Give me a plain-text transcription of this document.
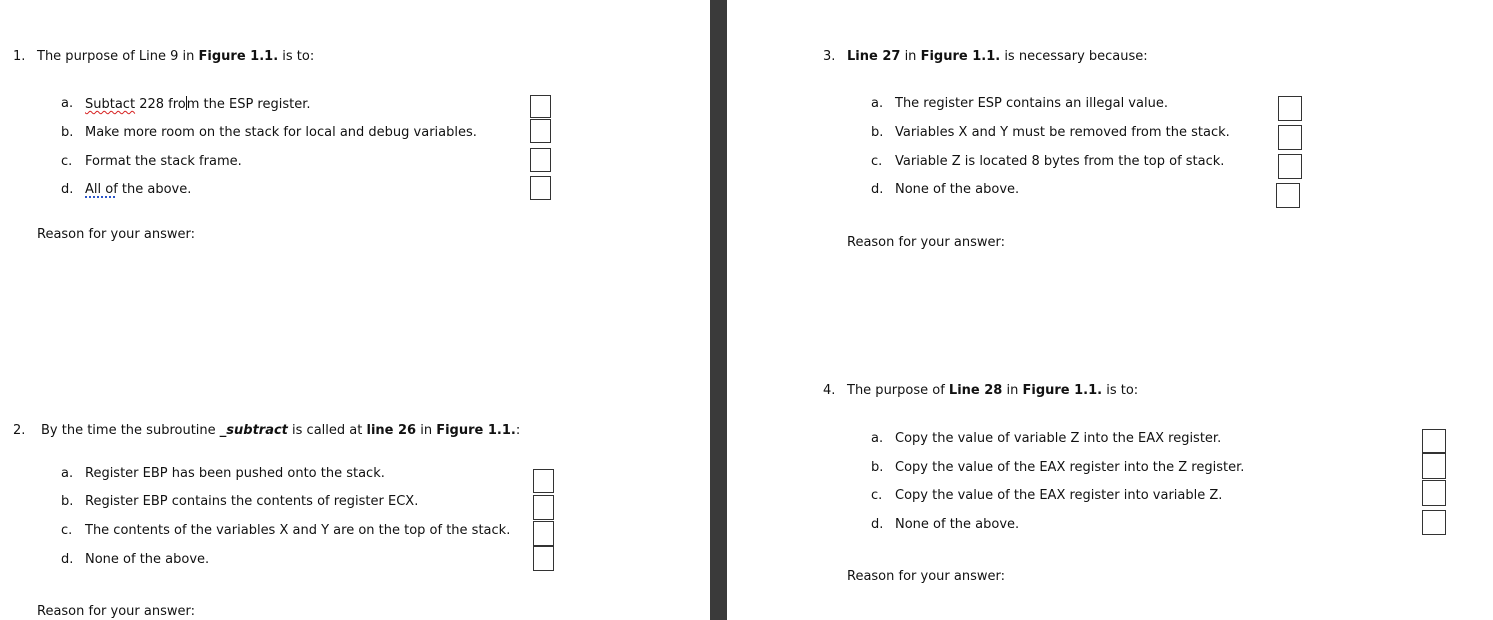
1. The purpose of Line 9 in Figure 1.1. is to:
a. Subtact 228 from the ESP register.
b. Make more room on the stack for local and debug variables.
c. Format the stack frame.
d. All of the above.
Reason for your answer:
2. By the time the subroutine _subtract is called at line 26 in Figure 1.1.:
a. Register EBP has been pushed onto the stack.
b. Register EBP contains the contents of register ECX.
c. The contents of the variables X and Y are on the top of the stack.
d. None of the above.
Reason for your answer:
3. Line 27 in Figure 1.1. is necessary because:
a. The register ESP contains an illegal value.
b. Variables X and Y must be removed from the stack.
c. Variable Z is located 8 bytes from the top of stack.
d. None of the above.
Reason for your answer:
4. The purpose of Line 28 in Figure 1.1. is to:
a. Copy the value of variable Z into the EAX register.
b. Copy the value of the EAX register into the Z register.
c. Copy the value of the EAX register into variable Z.
d. None of the above.
Reason for your answer:
